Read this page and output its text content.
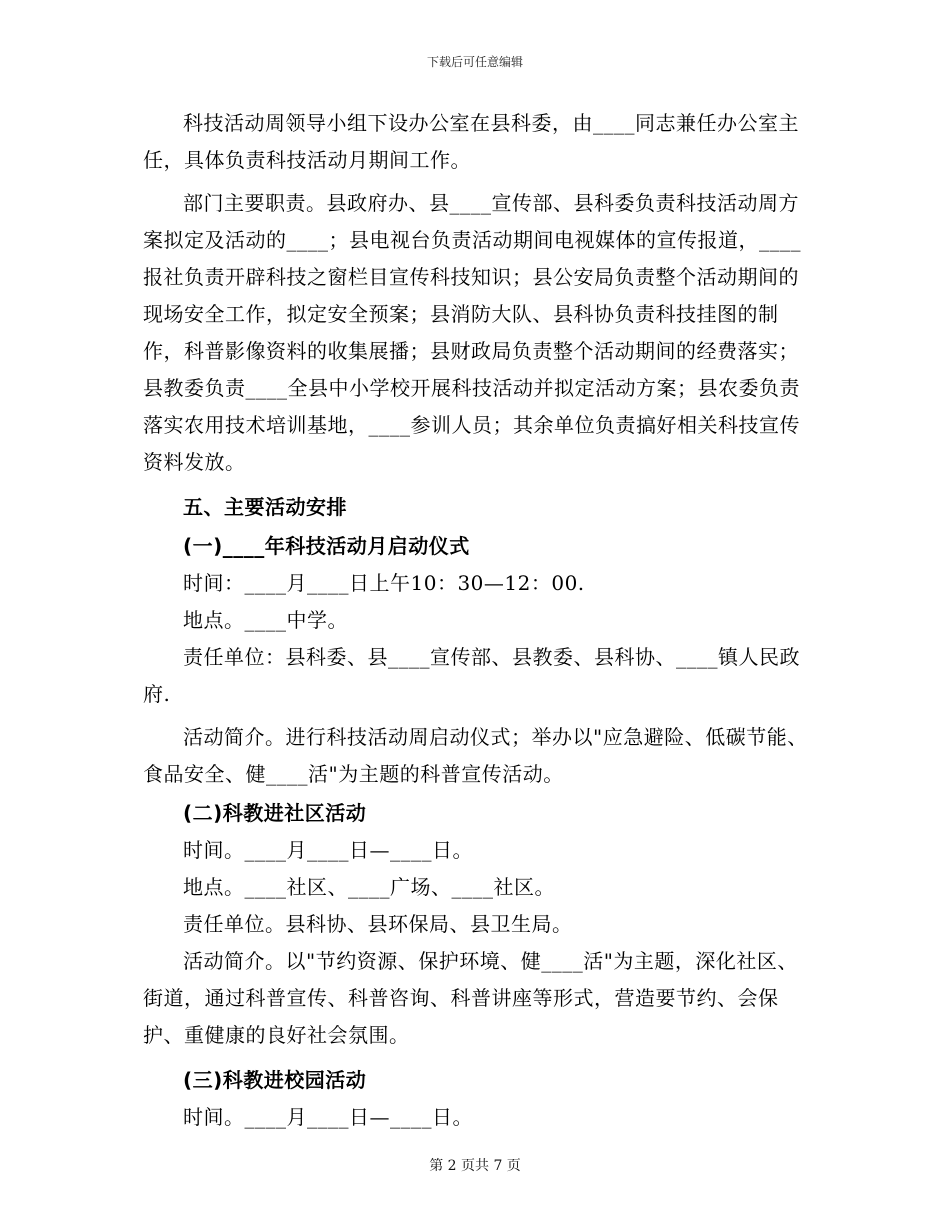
下载后可任意编辑

科技活动周领导小组下设办公室在县科委，由____同志兼任办公室主任，具体负责科技活动月期间工作。

部门主要职责。县政府办、县____宣传部、县科委负责科技活动周方案拟定及活动的____；县电视台负责活动期间电视媒体的宣传报道，____报社负责开辟科技之窗栏目宣传科技知识；县公安局负责整个活动期间的现场安全工作，拟定安全预案；县消防大队、县科协负责科技挂图的制作，科普影像资料的收集展播；县财政局负责整个活动期间的经费落实；县教委负责____全县中小学校开展科技活动并拟定活动方案；县农委负责落实农用技术培训基地，____参训人员；其余单位负责搞好相关科技宣传资料发放。

五、主要活动安排

(一)____年科技活动月启动仪式

时间：____月____日上午10：30—12：00.

地点。____中学。

责任单位：县科委、县____宣传部、县教委、县科协、____镇人民政府.

活动简介。进行科技活动周启动仪式；举办以"应急避险、低碳节能、食品安全、健____活"为主题的科普宣传活动。

(二)科教进社区活动

时间。____月____日—____日。

地点。____社区、____广场、____社区。

责任单位。县科协、县环保局、县卫生局。

活动简介。以"节约资源、保护环境、健____活"为主题，深化社区、街道，通过科普宣传、科普咨询、科普讲座等形式，营造要节约、会保护、重健康的良好社会氛围。

(三)科教进校园活动

时间。____月____日—____日。

第 2 页共 7 页
